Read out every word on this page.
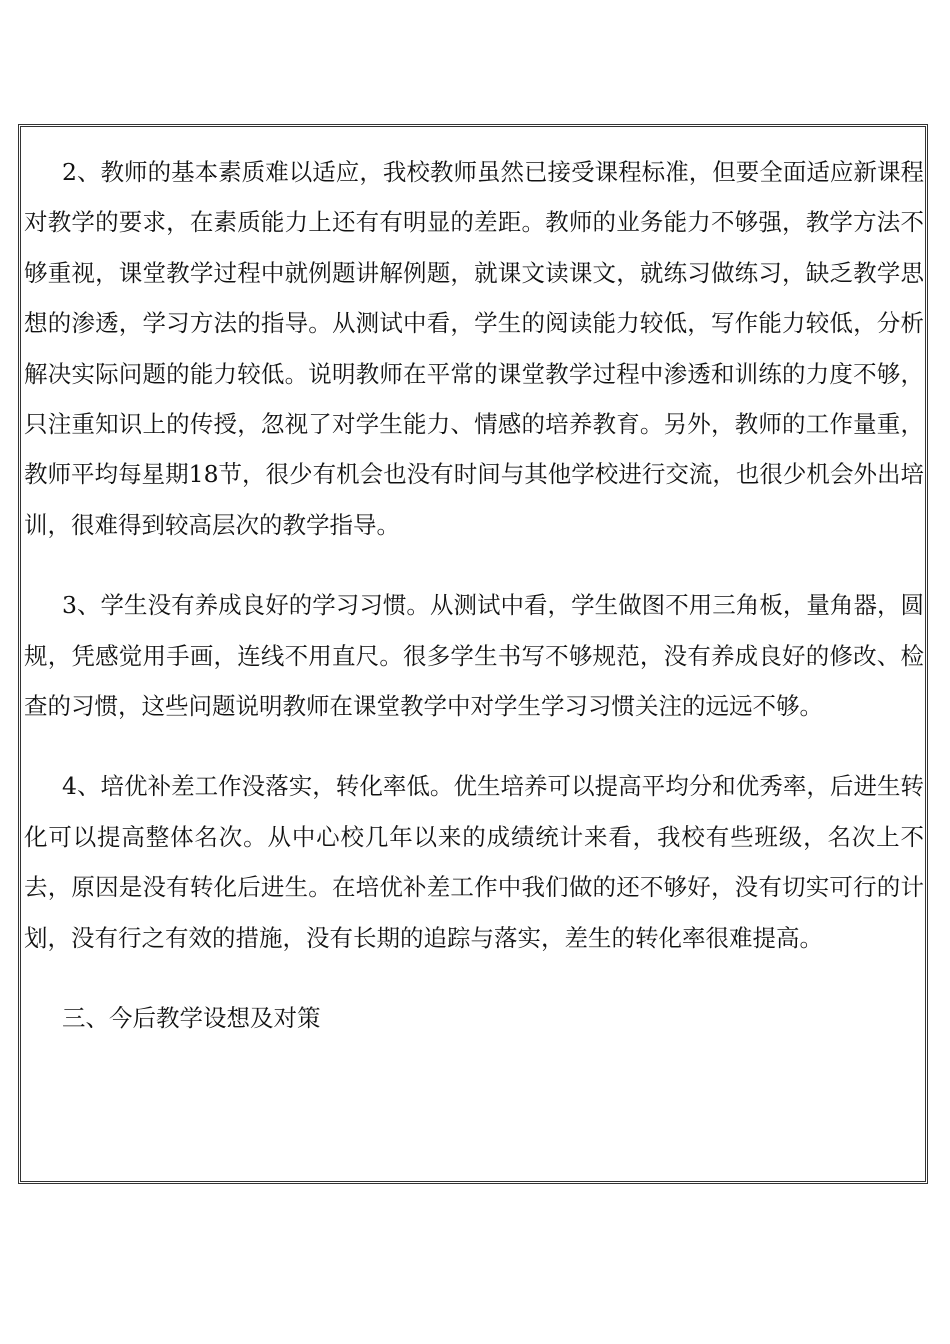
2、教师的基本素质难以适应，我校教师虽然已接受课程标准，但要全面适应新课程对教学的要求，在素质能力上还有有明显的差距。教师的业务能力不够强，教学方法不够重视，课堂教学过程中就例题讲解例题，就课文读课文，就练习做练习，缺乏教学思想的渗透，学习方法的指导。从测试中看，学生的阅读能力较低，写作能力较低，分析解决实际问题的能力较低。说明教师在平常的课堂教学过程中渗透和训练的力度不够，只注重知识上的传授，忽视了对学生能力、情感的培养教育。另外，教师的工作量重，教师平均每星期18节，很少有机会也没有时间与其他学校进行交流，也很少机会外出培训，很难得到较高层次的教学指导。

3、学生没有养成良好的学习习惯。从测试中看，学生做图不用三角板，量角器，圆规，凭感觉用手画，连线不用直尺。很多学生书写不够规范，没有养成良好的修改、检查的习惯，这些问题说明教师在课堂教学中对学生学习习惯关注的远远不够。

4、培优补差工作没落实，转化率低。优生培养可以提高平均分和优秀率，后进生转化可以提高整体名次。从中心校几年以来的成绩统计来看，我校有些班级，名次上不去，原因是没有转化后进生。在培优补差工作中我们做的还不够好，没有切实可行的计划，没有行之有效的措施，没有长期的追踪与落实，差生的转化率很难提高。

三、今后教学设想及对策
